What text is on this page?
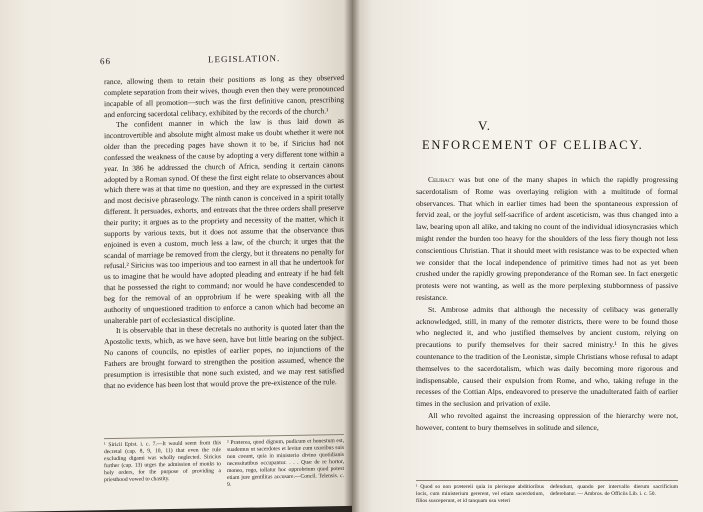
66	LEGISLATION.

rance, allowing them to retain their positions as long as they observed complete separation from their wives, though even then they were pronounced incapable of all promotion—such was the first definitive canon, prescribing and enforcing sacerdotal celibacy, exhibited by the records of the church.¹

The confident manner in which the law is thus laid down as incontrovertible and absolute might almost make us doubt whether it were not older than the preceding pages have shown it to be, if Siricius had not confessed the weakness of the cause by adopting a very different tone within a year. In 386 he addressed the church of Africa, sending it certain canons adopted by a Roman synod. Of these the first eight relate to observances about which there was at that time no question, and they are expressed in the curtest and most decisive phraseology. The ninth canon is conceived in a spirit totally different. It persuades, exhorts, and entreats that the three orders shall preserve their purity; it argues as to the propriety and necessity of the matter, which it supports by various texts, but it does not assume that the observance thus enjoined is even a custom, much less a law, of the church; it urges that the scandal of marriage be removed from the clergy, but it threatens no penalty for refusal.² Siricius was too imperious and too earnest in all that he undertook for us to imagine that he would have adopted pleading and entreaty if he had felt that he possessed the right to command; nor would he have condescended to beg for the removal of an opprobrium if he were speaking with all the authority of unquestioned tradition to enforce a canon which had become an unalterable part of ecclesiastical discipline.

It is observable that in these decretals no authority is quoted later than the Apostolic texts, which, as we have seen, have but little bearing on the subject. No canons of councils, no epistles of earlier popes, no injunctions of the Fathers are brought forward to strengthen the position assumed, whence the presumption is irresistible that none such existed, and we may rest satisfied that no evidence has been lost that would prove the pre-existence of the rule.

¹ Siricii Epist. i. c. 7.—It would seem from this decretal (cap. 8, 9, 10, 11) that even the rule excluding digami was wholly neglected. Siricius further (cap. 13) urges the admission of monks to holy orders, for the purpose of providing a priesthood vowed to chastity.
² Præterea, quod dignum, pudicum et honestum est, suademus ut sacerdotes et levitæ cum uxoribus suis non coeant, quia in ministerio divino quotidianis necessitatibus occupantur. . . . Quæ de re hortor, moneo, rogo, tollatur hoc opprobrium quod potest etiam jure gentilitas accusare.—Concil. Telensis. c. 9.
V.
ENFORCEMENT OF CELIBACY.

Celibacy was but one of the many shapes in which the rapidly progressing sacerdotalism of Rome was overlaying religion with a multitude of formal observances. That which in earlier times had been the spontaneous expression of fervid zeal, or the joyful self-sacrifice of ardent asceticism, was thus changed into a law, bearing upon all alike, and taking no count of the individual idiosyncrasies which might render the burden too heavy for the shoulders of the less fiery though not less conscientious Christian. That it should meet with resistance was to be expected when we consider that the local independence of primitive times had not as yet been crushed under the rapidly growing preponderance of the Roman see. In fact energetic protests were not wanting, as well as the more perplexing stubbornness of passive resistance.

St. Ambrose admits that although the necessity of celibacy was generally acknowledged, still, in many of the remoter districts, there were to be found those who neglected it, and who justified themselves by ancient custom, relying on precautions to purify themselves for their sacred ministry.¹ In this he gives countenance to the tradition of the Leonistæ, simple Christians whose refusal to adapt themselves to the sacerdotalism, which was daily becoming more rigorous and indispensable, caused their expulsion from Rome, and who, taking refuge in the recesses of the Cottian Alps, endeavored to preserve the unadulterated faith of earlier times in the seclusion and privation of exile.

All who revolted against the increasing oppression of the hierarchy were not, however, content to bury themselves in solitude and silence,

¹ Quod so non prætereii quia in plerisque abditioribus locis, cum ministerium gererent, vel etiam sacerdotium, filios susceperunt, et id tanquam usu veteri
defendunt, quando per intervallo dierum sacrificium deferebatur. — Ambros. de Officiis Lib. i. c. 50.
